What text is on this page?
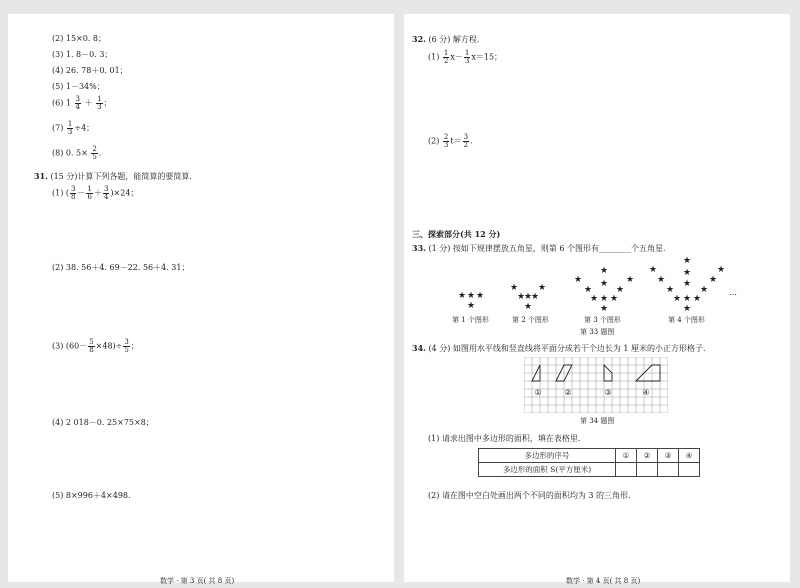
(2) 15×0. 8；
(3) 1. 8－0. 3；
(4) 26. 78＋0. 01；
(5) 1－34%；
(6) $1 \frac{3}{4} + \frac{1}{3}$ ；
$(7) \frac{1}{3} \div 4$；
(8) 0. $5\times \frac{2}{5}$ .
31. (15 分)计算下列各题，能简算的要简算.
(1) ( $\frac{3}{8} - \frac{1}{6} + \frac{3}{4} )\times 24$；
(2) 38. 56＋4. 69－22. 56＋4. 31；
(3) $(60- \frac{5}{8} \times 48)\div \frac{3}{5}$ ；
(4) 2 018－0. 25×75×8；
(5) 8×996＋4×498.
数学 · 第 3 页( 共 8 页)
32. (6 分) 解方程.
$(1) \frac{1}{2} x- \frac{1}{3} x=15$；
$(2) \frac{2}{3} t= \frac{3}{2}$ .
三、探索部分(共 12 分)
33. (1 分) 按如下规律摆放五角星，则第 6 个图形有________个五角星.
★ ★ ★
★
★ ★
★
★
★
★
★
★	★
★
★	★
★ ★ ★
★
★
★	★
★
★	★
★
★	★
★ ★ ★
★
…
第 1 个图形	第 2 个图形	第 3 个图形	第 4 个图形
第 33 题图
34. (4 分) 如图用水平线和竖直线将平面分成若干个边长为 1 厘米的小正方形格子.
①	②	③	④
第 34 题图
(1) 请求出图中多边形的面积，填在表格里.
多边形的序号	①	②	③	④
多边形的面积 S(平方厘米)				
(2) 请在图中空白处画出两个不同的面积均为 3 的三角形.
数学 · 第 4 页( 共 8 页)
